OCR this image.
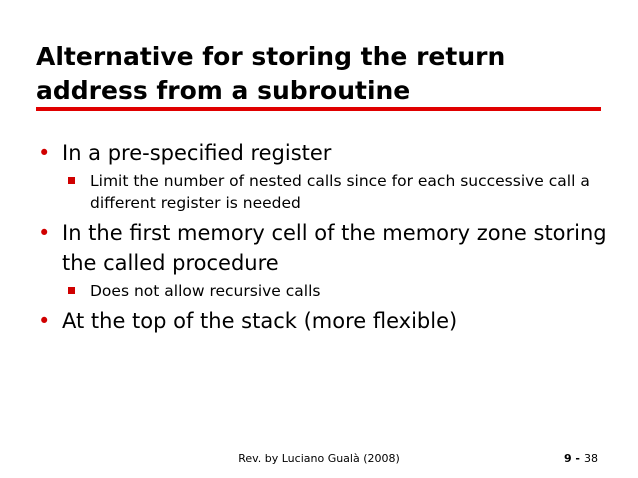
Alternative for storing the return
address from a subroutine
• In a pre-specified register
Limit the number of nested calls since for each successive call a different register is needed
• In the first memory cell of the memory zone storing the called procedure
Does not allow recursive calls
• At the top of the stack (more flexible)
Rev. by Luciano Gualà (2008)	9 - 38
